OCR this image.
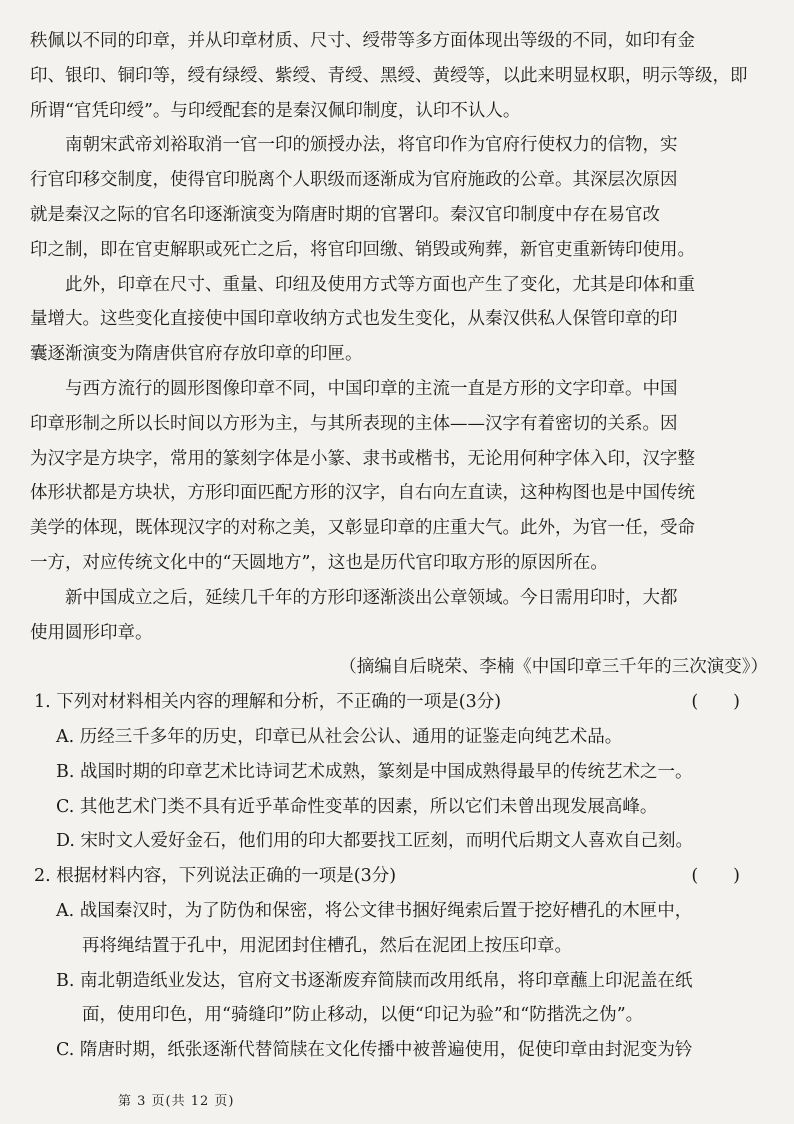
秩佩以不同的印章，并从印章材质、尺寸、绶带等多方面体现出等级的不同，如印有金
印、银印、铜印等，绶有绿绶、紫绶、青绶、黑绶、黄绶等，以此来明显权职，明示等级，即
所谓“官凭印绶”。与印绶配套的是秦汉佩印制度，认印不认人。
南朝宋武帝刘裕取消一官一印的颁授办法，将官印作为官府行使权力的信物，实
行官印移交制度，使得官印脱离个人职级而逐渐成为官府施政的公章。其深层次原因
就是秦汉之际的官名印逐渐演变为隋唐时期的官署印。秦汉官印制度中存在易官改
印之制，即在官吏解职或死亡之后，将官印回缴、销毁或殉葬，新官吏重新铸印使用。
此外，印章在尺寸、重量、印纽及使用方式等方面也产生了变化，尤其是印体和重
量增大。这些变化直接使中国印章收纳方式也发生变化，从秦汉供私人保管印章的印
囊逐渐演变为隋唐供官府存放印章的印匣。
与西方流行的圆形图像印章不同，中国印章的主流一直是方形的文字印章。中国
印章形制之所以长时间以方形为主，与其所表现的主体——汉字有着密切的关系。因
为汉字是方块字，常用的篆刻字体是小篆、隶书或楷书，无论用何种字体入印，汉字整
体形状都是方块状，方形印面匹配方形的汉字，自右向左直读，这种构图也是中国传统
美学的体现，既体现汉字的对称之美，又彰显印章的庄重大气。此外，为官一任，受命
一方，对应传统文化中的“天圆地方”，这也是历代官印取方形的原因所在。
新中国成立之后，延续几千年的方形印逐渐淡出公章领域。今日需用印时，大都
使用圆形印章。
（摘编自后晓荣、李楠《中国印章三千年的三次演变》）
1. 下列对材料相关内容的理解和分析，不正确的一项是(3分)	(　　)
A. 历经三千多年的历史，印章已从社会公认、通用的证鉴走向纯艺术品。
B. 战国时期的印章艺术比诗词艺术成熟，篆刻是中国成熟得最早的传统艺术之一。
C. 其他艺术门类不具有近乎革命性变革的因素，所以它们未曾出现发展高峰。
D. 宋时文人爱好金石，他们用的印大都要找工匠刻，而明代后期文人喜欢自己刻。
2. 根据材料内容，下列说法正确的一项是(3分)	(　　)
A. 战国秦汉时，为了防伪和保密，将公文律书捆好绳索后置于挖好槽孔的木匣中，
再将绳结置于孔中，用泥团封住槽孔，然后在泥团上按压印章。
B. 南北朝造纸业发达，官府文书逐渐废弃简牍而改用纸帛，将印章蘸上印泥盖在纸
面，使用印色，用“骑缝印”防止移动，以便“印记为验”和“防揩洗之伪”。
C. 隋唐时期，纸张逐渐代替简牍在文化传播中被普遍使用，促使印章由封泥变为钤
第 3 页(共 12 页)
